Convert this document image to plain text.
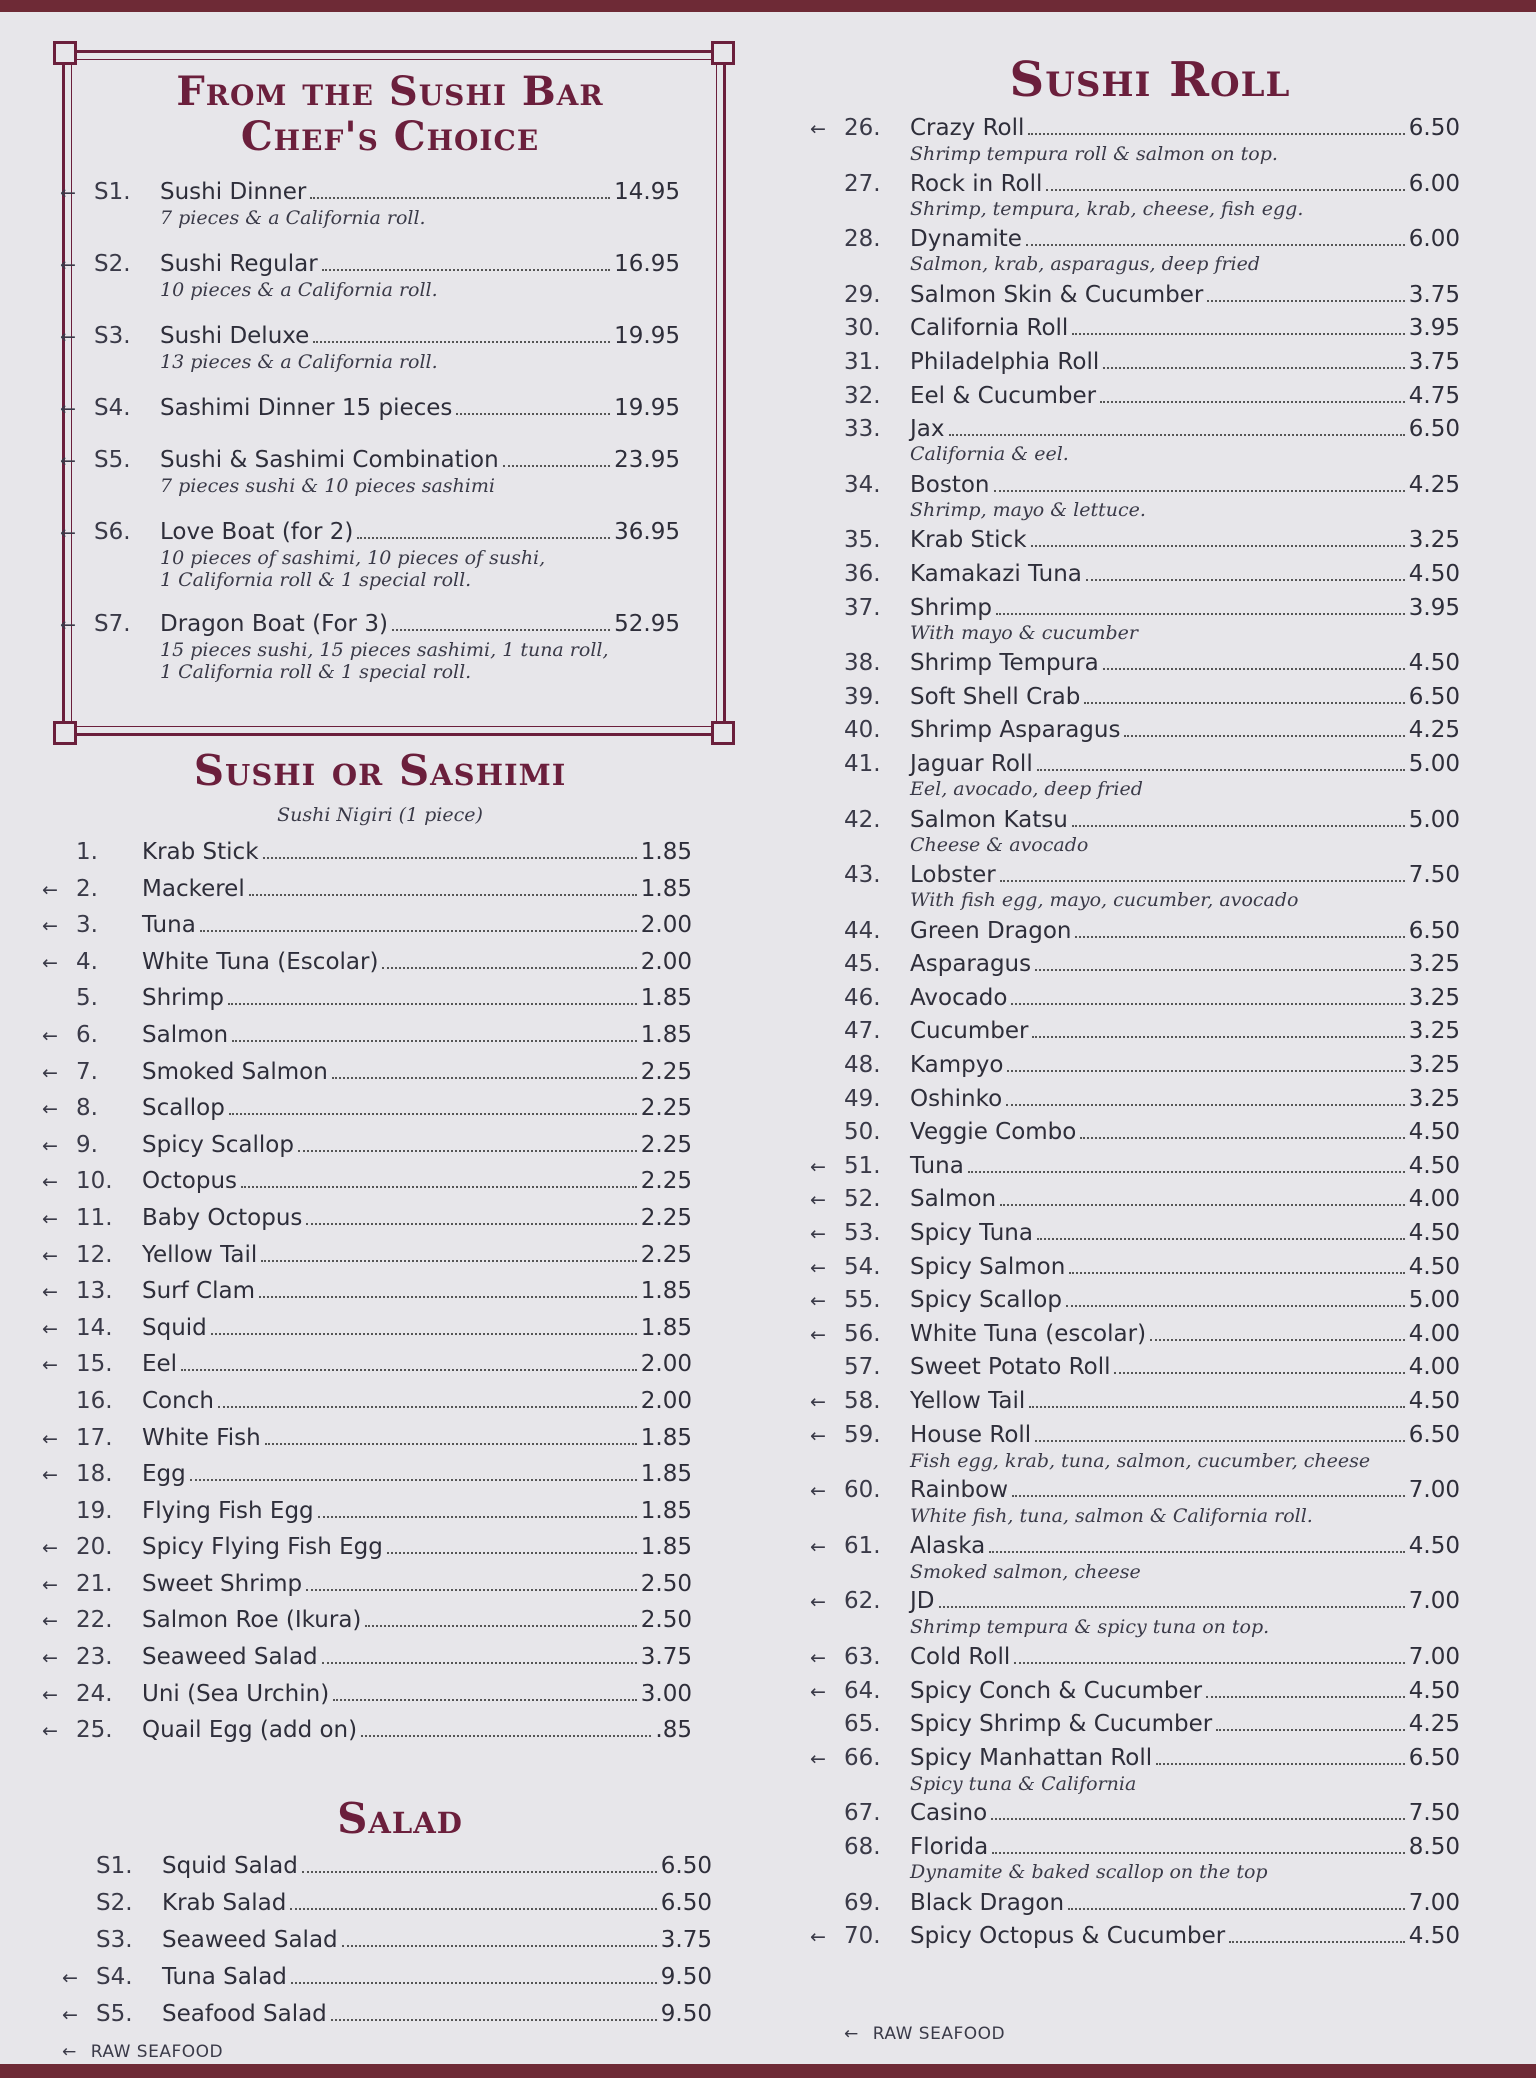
From the Sushi Bar
Chef's Choice
← S1.	Sushi Dinner	14.95
7 pieces & a California roll.
← S2.	Sushi Regular	16.95
10 pieces & a California roll.
← S3.	Sushi Deluxe	19.95
13 pieces & a California roll.
← S4.	Sashimi Dinner 15 pieces	19.95
← S5.	Sushi & Sashimi Combination	23.95
7 pieces sushi & 10 pieces sashimi
← S6.	Love Boat (for 2)	36.95
10 pieces of sashimi, 10 pieces of sushi,
1 California roll & 1 special roll.
← S7.	Dragon Boat (For 3)	52.95
15 pieces sushi, 15 pieces sashimi, 1 tuna roll,
1 California roll & 1 special roll.
Sushi or Sashimi
Sushi Nigiri (1 piece)
1.	Krab Stick	1.85
← 2.	Mackerel	1.85
← 3.	Tuna	2.00
← 4.	White Tuna (Escolar)	2.00
5.	Shrimp	1.85
← 6.	Salmon	1.85
← 7.	Smoked Salmon	2.25
← 8.	Scallop	2.25
← 9.	Spicy Scallop	2.25
← 10.	Octopus	2.25
← 11.	Baby Octopus	2.25
← 12.	Yellow Tail	2.25
← 13.	Surf Clam	1.85
← 14.	Squid	1.85
← 15.	Eel	2.00
16.	Conch	2.00
← 17.	White Fish	1.85
← 18.	Egg	1.85
19.	Flying Fish Egg	1.85
← 20.	Spicy Flying Fish Egg	1.85
← 21.	Sweet Shrimp	2.50
← 22.	Salmon Roe (Ikura)	2.50
← 23.	Seaweed Salad	3.75
← 24.	Uni (Sea Urchin)	3.00
← 25.	Quail Egg (add on)	.85
Salad
S1.	Squid Salad	6.50
S2.	Krab Salad	6.50
S3.	Seaweed Salad	3.75
← S4.	Tuna Salad	9.50
← S5.	Seafood Salad	9.50
← RAW SEAFOOD
Sushi Roll
← 26.	Crazy Roll	6.50
Shrimp tempura roll & salmon on top.
27.	Rock in Roll	6.00
Shrimp, tempura, krab, cheese, fish egg.
28.	Dynamite	6.00
Salmon, krab, asparagus, deep fried
29.	Salmon Skin & Cucumber	3.75
30.	California Roll	3.95
31.	Philadelphia Roll	3.75
32.	Eel & Cucumber	4.75
33.	Jax	6.50
California & eel.
34.	Boston	4.25
Shrimp, mayo & lettuce.
35.	Krab Stick	3.25
36.	Kamakazi Tuna	4.50
37.	Shrimp	3.95
With mayo & cucumber
38.	Shrimp Tempura	4.50
39.	Soft Shell Crab	6.50
40.	Shrimp Asparagus	4.25
41.	Jaguar Roll	5.00
Eel, avocado, deep fried
42.	Salmon Katsu	5.00
Cheese & avocado
43.	Lobster	7.50
With fish egg, mayo, cucumber, avocado
44.	Green Dragon	6.50
45.	Asparagus	3.25
46.	Avocado	3.25
47.	Cucumber	3.25
48.	Kampyo	3.25
49.	Oshinko	3.25
50.	Veggie Combo	4.50
← 51.	Tuna	4.50
← 52.	Salmon	4.00
← 53.	Spicy Tuna	4.50
← 54.	Spicy Salmon	4.50
← 55.	Spicy Scallop	5.00
← 56.	White Tuna (escolar)	4.00
57.	Sweet Potato Roll	4.00
← 58.	Yellow Tail	4.50
← 59.	House Roll	6.50
Fish egg, krab, tuna, salmon, cucumber, cheese
← 60.	Rainbow	7.00
White fish, tuna, salmon & California roll.
← 61.	Alaska	4.50
Smoked salmon, cheese
← 62.	JD	7.00
Shrimp tempura & spicy tuna on top.
← 63.	Cold Roll	7.00
← 64.	Spicy Conch & Cucumber	4.50
65.	Spicy Shrimp & Cucumber	4.25
← 66.	Spicy Manhattan Roll	6.50
Spicy tuna & California
67.	Casino	7.50
68.	Florida	8.50
Dynamite & baked scallop on the top
69.	Black Dragon	7.00
← 70.	Spicy Octopus & Cucumber	4.50
← RAW SEAFOOD
